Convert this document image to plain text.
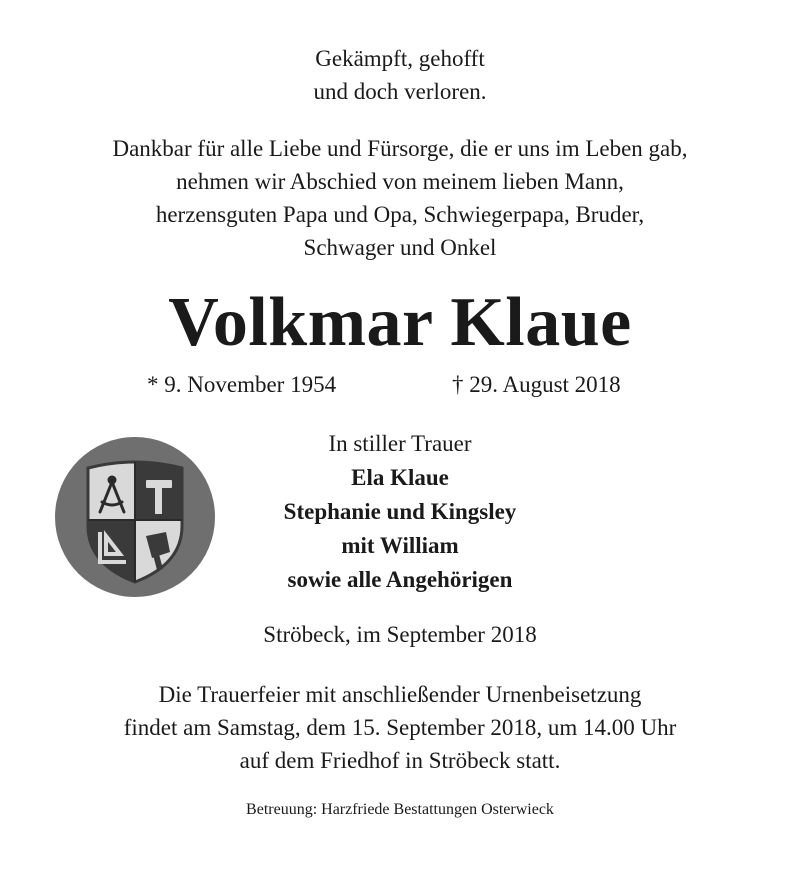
Gekämpft, gehofft
und doch verloren.
Dankbar für alle Liebe und Fürsorge, die er uns im Leben gab,
nehmen wir Abschied von meinem lieben Mann,
herzensguten Papa und Opa, Schwiegerpapa, Bruder,
Schwager und Onkel
Volkmar Klaue
* 9. November 1954	† 29. August 2018
In stiller Trauer
Ela Klaue
Stephanie und Kingsley
mit William
sowie alle Angehörigen
Ströbeck, im September 2018
Die Trauerfeier mit anschließender Urnenbeisetzung
findet am Samstag, dem 15. September 2018, um 14.00 Uhr
auf dem Friedhof in Ströbeck statt.
Betreuung: Harzfriede Bestattungen Osterwieck
